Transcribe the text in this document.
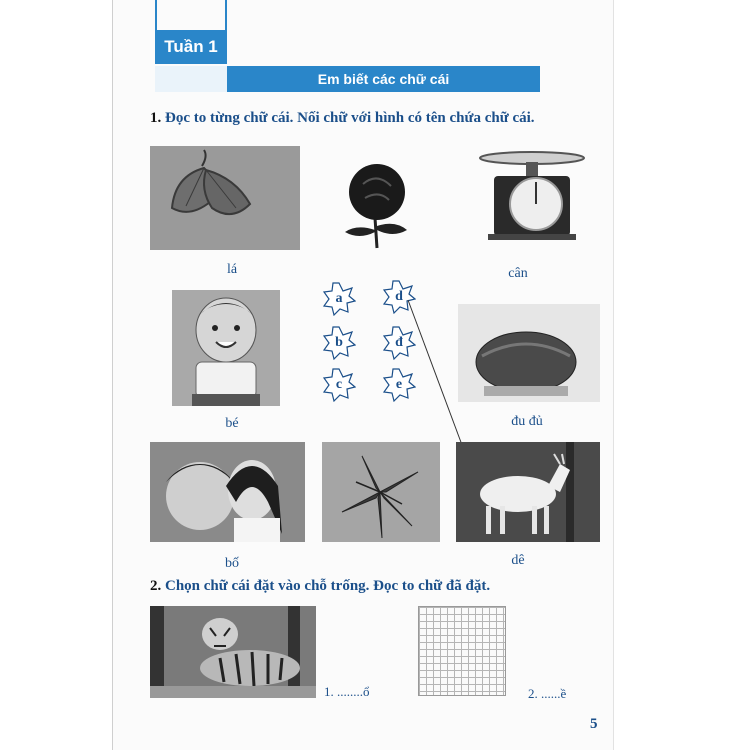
Tuần 1
Em biết các chữ cái
1. Đọc to từng chữ cái. Nối chữ với hình có tên chứa chữ cái.
lá	cân
bé
a	d
b	đ
c	e
đu đủ
bố	dê
2. Chọn chữ cái đặt vào chỗ trống. Đọc to chữ đã đặt.
1. ........ổ	2. ......ề
5
